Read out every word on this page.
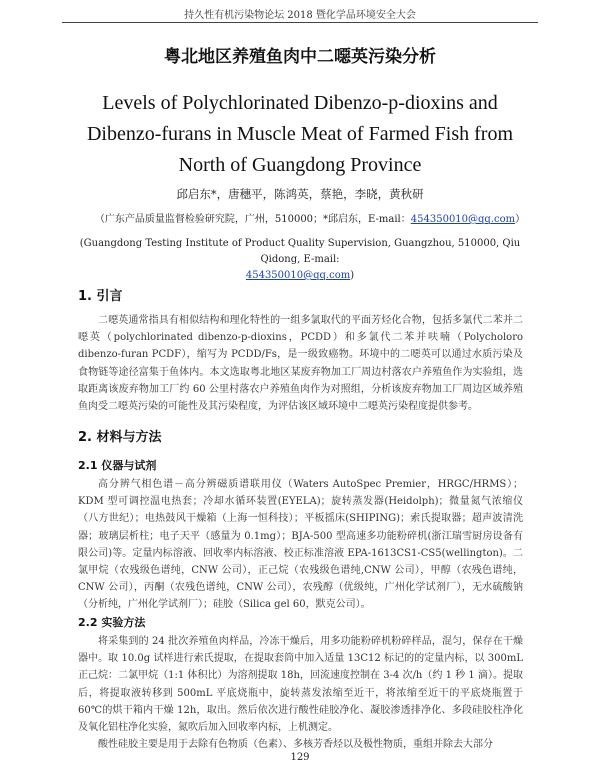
持久性有机污染物论坛 2018 暨化学品环境安全大会
粤北地区养殖鱼肉中二噁英污染分析
Levels of Polychlorinated Dibenzo-p-dioxins and Dibenzo-furans in Muscle Meat of Farmed Fish from North of Guangdong Province
邱启东*，唐穗平，陈鸿英，蔡艳，李晓，黄秋研
（广东产品质量监督检验研究院，广州，510000；*邱启东，E-mail：454350010@qq.com）
(Guangdong Testing Institute of Product Quality Supervision, Guangzhou, 510000, Qiu Qidong, E-mail:
454350010@qq.com)
1. 引言
二噁英通常指具有相似结构和理化特性的一组多氯取代的平面芳烃化合物，包括多氯代二苯并二噁英（polychlorinated dibenzo-p-dioxins，PCDD）和多氯代二苯并呋喃（Polycholoro dibenzo-furan PCDF），缩写为 PCDD/Fs，是一级致癌物。环境中的二噁英可以通过水质污染及食物链等途径富集于鱼体内。本文选取粤北地区某废弃物加工厂周边村落农户养殖鱼作为实验组，选取距离该废弃物加工厂约 60 公里村落农户养殖鱼肉作为对照组，分析该废弃物加工厂周边区域养殖鱼肉受二噁英污染的可能性及其污染程度，为评估该区域环境中二噁英污染程度提供参考。
2. 材料与方法
2.1 仪器与试剂
高分辨气相色谱－高分辨磁质谱联用仪（Waters AutoSpec Premier，HRGC/HRMS）；KDM 型可调控温电热套；冷却水循环装置(EYELA)；旋转蒸发器(Heidolph)；微量氮气浓缩仪（八方世纪）；电热鼓风干燥箱（上海一恒科技）；平板摇床(SHIPING)；索氏提取器；超声波清洗器；玻璃层析柱；电子天平（感量为 0.1mg）；BJA-500 型高速多功能粉碎机(浙江瑞雪厨房设备有限公司)等。定量内标溶液、回收率内标溶液、校正标准溶液 EPA-1613CS1-CS5(wellington)。二氯甲烷（农残级色谱纯，CNW 公司），正己烷（农残级色谱纯,CNW 公司），甲醇（农残色谱纯，CNW 公司），丙酮（农残色谱纯，CNW 公司），农残醇（优级纯，广州化学试剂厂），无水硫酸钠（分析纯，广州化学试剂厂）；硅胶（Silica gel 60，默克公司）。
2.2 实验方法
将采集到的 24 批次养殖鱼肉样品，冷冻干燥后，用多功能粉碎机粉碎样品，混匀，保存在干燥器中。取 10.0g 试样进行索氏提取，在提取套筒中加入适量 13C12 标记的的定量内标，以 300mL 正己烷：二氯甲烷（1:1 体积比）为溶剂提取 18h，回流速度控制在 3-4 次/h（约 1 秒 1 滴）。提取后，将提取液转移到 500mL 平底烧瓶中，旋转蒸发浓缩至近干，将浓缩至近干的平底烧瓶置于 60℃的烘干箱内干燥 12h，取出。然后依次进行酸性硅胶净化、凝胶渗透排净化、多段硅胶柱净化及氧化铝柱净化实验，氮吹后加入回收率内标，上机测定。
酸性硅胶主要是用于去除有色物质（色素）、多核芳香烃以及极性物质，重组并除去大部分
129
